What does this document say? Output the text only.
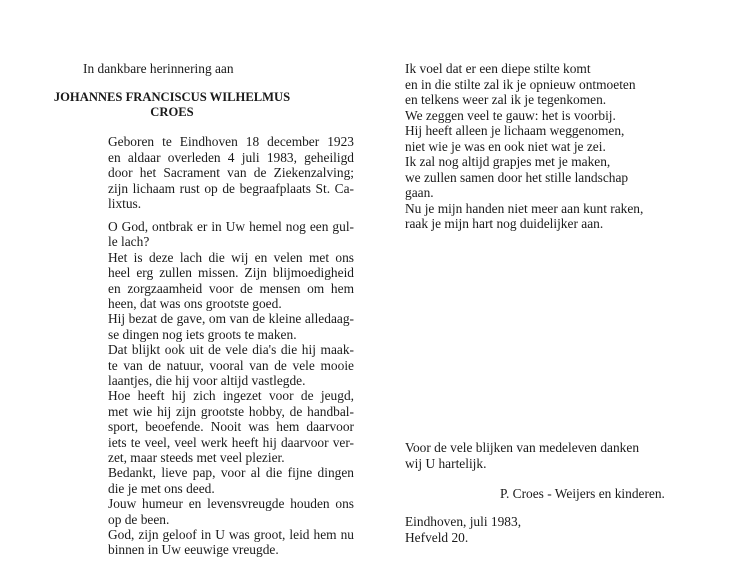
In dankbare herinnering aan
JOHANNES FRANCISCUS WILHELMUS
CROES
Geboren te Eindhoven 18 december 1923
en aldaar overleden 4 juli 1983, geheiligd
door het Sacrament van de Ziekenzalving;
zijn lichaam rust op de begraafplaats St. Ca-
lixtus.
O God, ontbrak er in Uw hemel nog een gul-
le lach?
Het is deze lach die wij en velen met ons
heel erg zullen missen. Zijn blijmoedigheid
en zorgzaamheid voor de mensen om hem
heen, dat was ons grootste goed.
Hij bezat de gave, om van de kleine alledaag-
se dingen nog iets groots te maken.
Dat blijkt ook uit de vele dia's die hij maak-
te van de natuur, vooral van de vele mooie
laantjes, die hij voor altijd vastlegde.
Hoe heeft hij zich ingezet voor de jeugd,
met wie hij zijn grootste hobby, de handbal-
sport, beoefende. Nooit was hem daarvoor
iets te veel, veel werk heeft hij daarvoor ver-
zet, maar steeds met veel plezier.
Bedankt, lieve pap, voor al die fijne dingen
die je met ons deed.
Jouw humeur en levensvreugde houden ons
op de been.
God, zijn geloof in U was groot, leid hem nu
binnen in Uw eeuwige vreugde.
Ik voel dat er een diepe stilte komt
en in die stilte zal ik je opnieuw ontmoeten
en telkens weer zal ik je tegenkomen.
We zeggen veel te gauw: het is voorbij.
Hij heeft alleen je lichaam weggenomen,
niet wie je was en ook niet wat je zei.
Ik zal nog altijd grapjes met je maken,
we zullen samen door het stille landschap
gaan.
Nu je mijn handen niet meer aan kunt raken,
raak je mijn hart nog duidelijker aan.
Voor de vele blijken van medeleven danken
wij U hartelijk.
P. Croes - Weijers en kinderen.
Eindhoven, juli 1983,
Hefveld 20.
